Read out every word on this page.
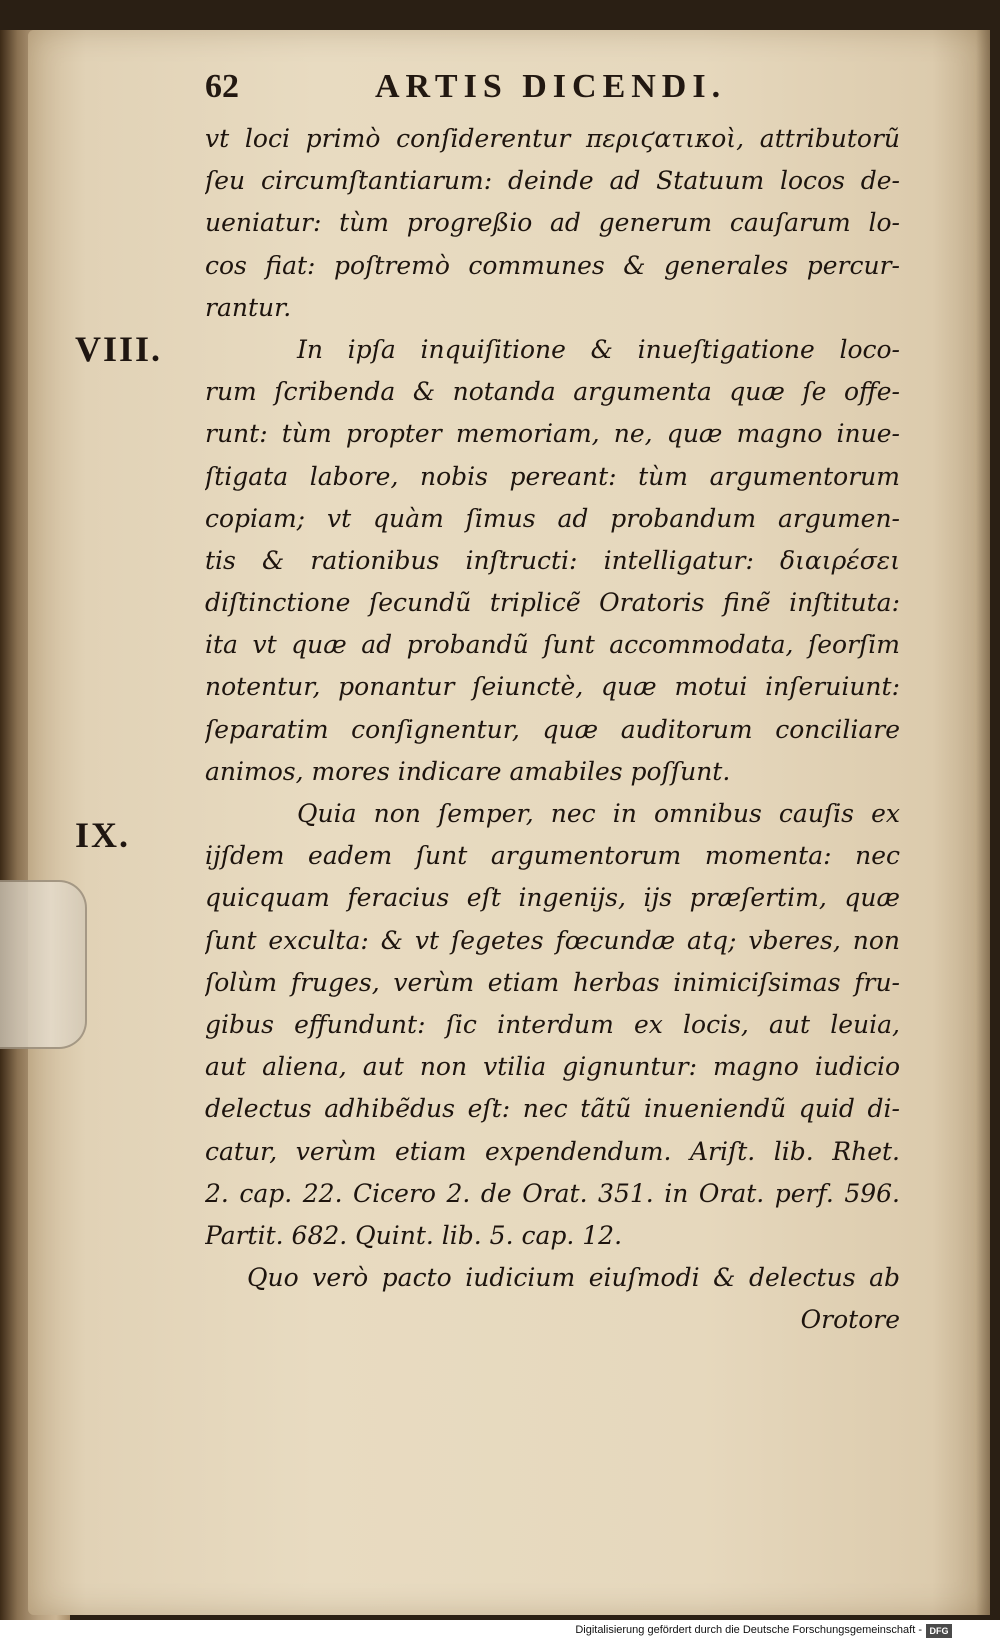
62	ARTIS DICENDI.
VIII.
IX.
vt loci primò conſiderentur περιϛατικοὶ, attributorũ
ſeu circumſtantiarum: deinde ad Statuum locos de-
ueniatur: tùm progreßio ad generum cauſarum lo-
cos fiat: poſtremò communes & generales percur-
rantur.
In ipſa inquiſitione & inueſtigatione loco-
rum ſcribenda & notanda argumenta quæ ſe offe-
runt: tùm propter memoriam, ne, quæ magno inue-
ſtigata labore, nobis pereant: tùm argumentorum
copiam; vt quàm ſimus ad probandum argumen-
tis & rationibus inſtructi: intelligatur: διαιρέσει
diſtinctione ſecundũ triplicẽ Oratoris finẽ inſtituta:
ita vt quæ ad probandũ ſunt accommodata, ſeorſim
notentur, ponantur ſeiunctè, quæ motui inſeruiunt:
ſeparatim conſignentur, quæ auditorum conciliare
animos, mores indicare amabiles poſſunt.
Quia non ſemper, nec in omnibus cauſis ex
ijſdem eadem ſunt argumentorum momenta: nec
quicquam feracius eſt ingenijs, ijs præſertim, quæ
ſunt exculta: & vt ſegetes fœcundæ atq; vberes, non
ſolùm fruges, verùm etiam herbas inimiciſsimas fru-
gibus effundunt: ſic interdum ex locis, aut leuia,
aut aliena, aut non vtilia gignuntur: magno iudicio
delectus adhibẽdus eſt: nec tãtũ inueniendũ quid di-
catur, verùm etiam expendendum. Ariſt. lib. Rhet.
2. cap. 22. Cicero 2. de Orat. 351. in Orat. perf. 596.
Partit. 682. Quint. lib. 5. cap. 12.
Quo verò pacto iudicium eiuſmodi & delectus ab
Orotore
Digitalisierung gefördert durch die Deutsche Forschungsgemeinschaft - DFG
